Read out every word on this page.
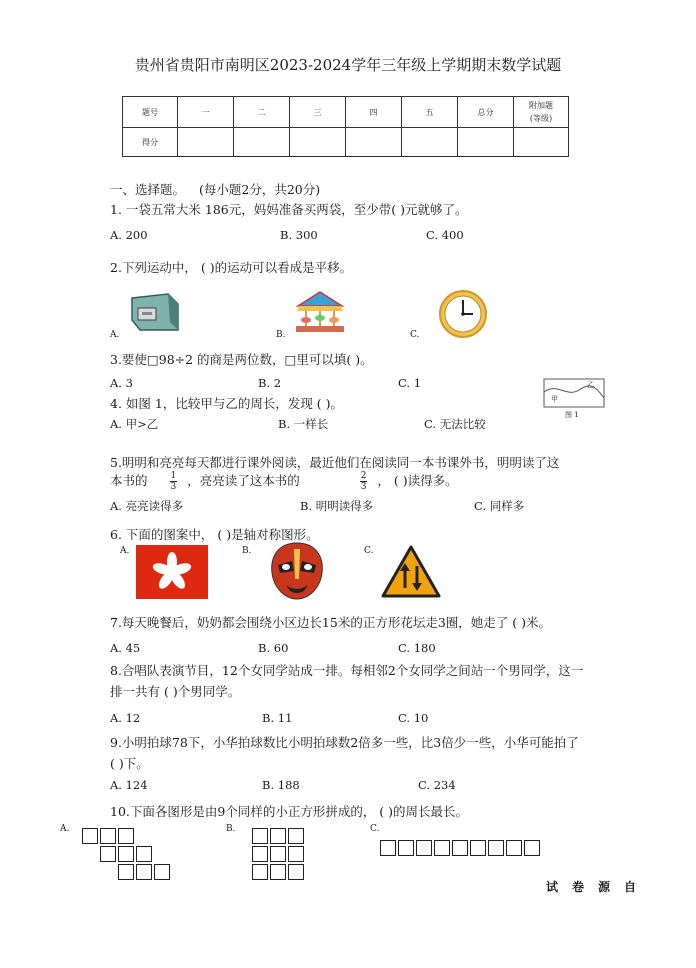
贵州省贵阳市南明区2023-2024学年三年级上学期期末数学试题
题号	一	二	三	四	五	总分	附加题
(等级)
得分							
一、选择题。 (每小题2分，共20分)
1. 一袋五常大米 186元，妈妈准备买两袋，至少带( )元就够了。
A. 200	B. 300	C. 400
2.下列运动中， ( )的运动可以看成是平移。
A.	B.	C.
3.要使□98÷2 的商是两位数，□里可以填( )。
A. 3	B. 2	C. 1
4. 如图 1，比较甲与乙的周长，发现 ( )。
A. 甲>乙	B. 一样长	C. 无法比较
甲
乙
图 1
5.明明和亮亮每天都进行课外阅读，最近他们在阅读同一本书课外书，明明读了这
本书的 $\frac{1}{3}$ ，亮亮读了这本书的	$\frac{2}{3}$ ， ( )读得多。
A. 亮亮读得多	B. 明明读得多	C. 同样多
6. 下面的图案中， ( )是轴对称图形。
A.	B.	C.
7.每天晚餐后，奶奶都会围绕小区边长15米的正方形花坛走3圈，她走了 ( )米。
A. 45	B. 60	C. 180
8.合唱队表演节目，12个女同学站成一排。每相邻2个女同学之间站一个男同学，这一
排一共有 ( )个男同学。
A. 12	B. 11	C. 10
9.小明拍球78下，小华拍球数比小明拍球数2倍多一些，比3倍少一些，小华可能拍了
( )下。
A. 124	B. 188	C. 234
10.下面各图形是由9个同样的小正方形拼成的， ( )的周长最长。
A.	B.	C.
试卷源自
